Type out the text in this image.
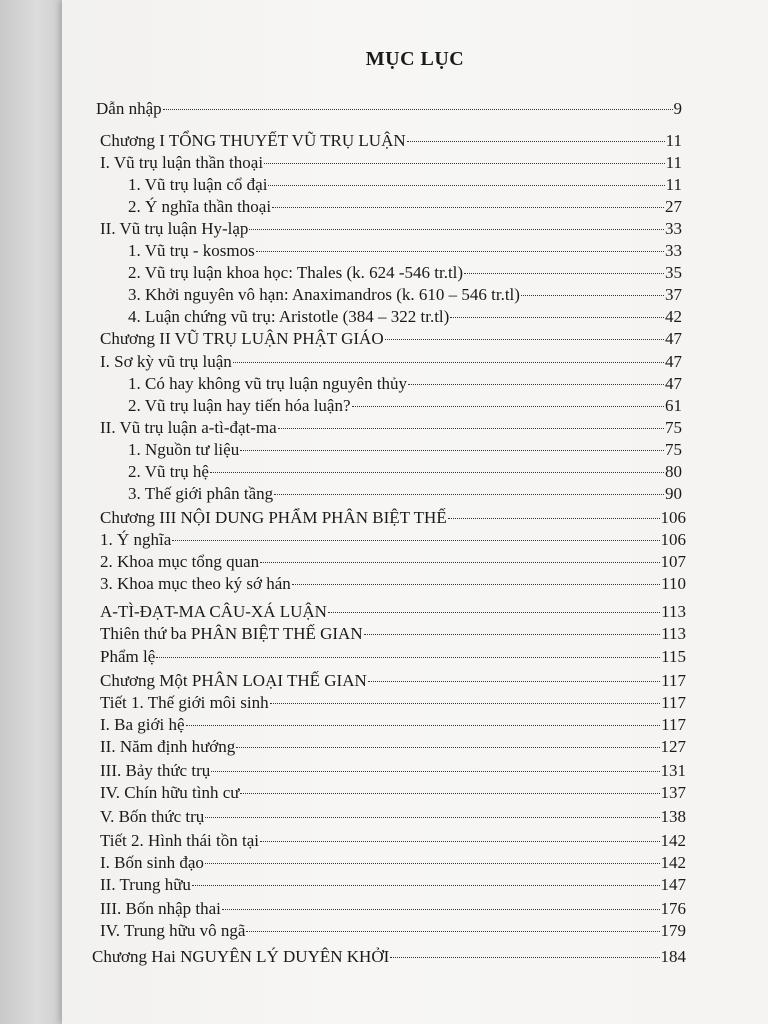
MỤC LỤC
Dẫn nhập	9
Chương I TỔNG THUYẾT VŨ TRỤ LUẬN	11
I. Vũ trụ luận thần thoại	11
1. Vũ trụ luận cổ đại	11
2. Ý nghĩa thần thoại	27
II. Vũ trụ luận Hy-lạp	33
1. Vũ trụ - kosmos	33
2. Vũ trụ luận khoa học: Thales (k. 624 -546 tr.tl)	35
3. Khởi nguyên vô hạn: Anaximandros (k. 610 – 546 tr.tl)	37
4. Luận chứng vũ trụ: Aristotle (384 – 322 tr.tl)	42
Chương II VŨ TRỤ LUẬN PHẬT GIÁO	47
I. Sơ kỳ vũ trụ luận	47
1. Có hay không vũ trụ luận nguyên thủy	47
2. Vũ trụ luận hay tiến hóa luận?	61
II. Vũ trụ luận a-tì-đạt-ma	75
1. Nguồn tư liệu	75
2. Vũ trụ hệ	80
3. Thế giới phân tầng	90
Chương III NỘI DUNG PHẨM PHÂN BIỆT THẾ	106
1. Ý nghĩa	106
2. Khoa mục tổng quan	107
3. Khoa mục theo ký sớ hán	110
A-TÌ-ĐẠT-MA CÂU-XÁ LUẬN	113
Thiên thứ ba PHÂN BIỆT THẾ GIAN	113
Phẩm lệ	115
Chương Một PHÂN LOẠI THẾ GIAN	117
Tiết 1. Thế giới môi sinh	117
I. Ba giới hệ	117
II. Năm định hướng	127
III. Bảy thức trụ	131
IV. Chín hữu tình cư	137
V. Bốn thức trụ	138
Tiết 2. Hình thái tồn tại	142
I. Bốn sinh đạo	142
II. Trung hữu	147
III. Bốn nhập thai	176
IV. Trung hữu vô ngã	179
Chương Hai NGUYÊN LÝ DUYÊN KHỞI	184
